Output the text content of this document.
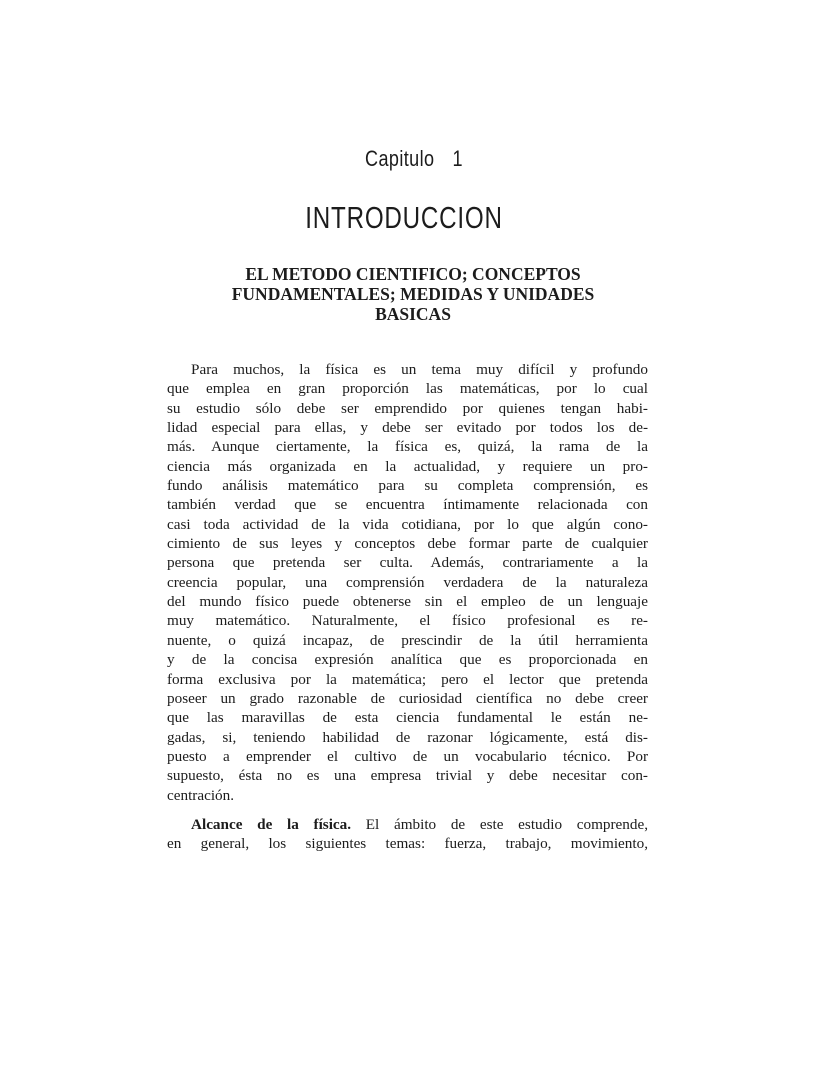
Capitulo 1
INTRODUCCION
EL METODO CIENTIFICO; CONCEPTOS
FUNDAMENTALES; MEDIDAS Y UNIDADES
BASICAS
Para muchos, la física es un tema muy difícil y profundo
que emplea en gran proporción las matemáticas, por lo cual
su estudio sólo debe ser emprendido por quienes tengan habi-
lidad especial para ellas, y debe ser evitado por todos los de-
más. Aunque ciertamente, la física es, quizá, la rama de la
ciencia más organizada en la actualidad, y requiere un pro-
fundo análisis matemático para su completa comprensión, es
también verdad que se encuentra íntimamente relacionada con
casi toda actividad de la vida cotidiana, por lo que algún cono-
cimiento de sus leyes y conceptos debe formar parte de cualquier
persona que pretenda ser culta. Además, contrariamente a la
creencia popular, una comprensión verdadera de la naturaleza
del mundo físico puede obtenerse sin el empleo de un lenguaje
muy matemático. Naturalmente, el físico profesional es re-
nuente, o quizá incapaz, de prescindir de la útil herramienta
y de la concisa expresión analítica que es proporcionada en
forma exclusiva por la matemática; pero el lector que pretenda
poseer un grado razonable de curiosidad científica no debe creer
que las maravillas de esta ciencia fundamental le están ne-
gadas, si, teniendo habilidad de razonar lógicamente, está dis-
puesto a emprender el cultivo de un vocabulario técnico. Por
supuesto, ésta no es una empresa trivial y debe necesitar con-
centración.
Alcance de la física. El ámbito de este estudio comprende,
en general, los siguientes temas: fuerza, trabajo, movimiento,
